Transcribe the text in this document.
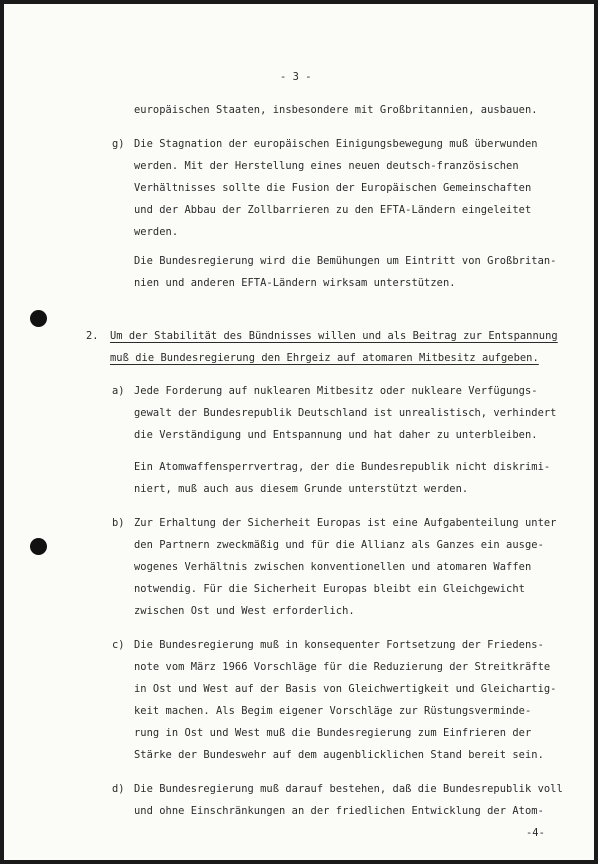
- 3 -
europäischen Staaten, insbesondere mit Großbritannien, ausbauen.
g) Die Stagnation der europäischen Einigungsbewegung muß überwunden
werden. Mit der Herstellung eines neuen deutsch-französischen
Verhältnisses sollte die Fusion der Europäischen Gemeinschaften
und der Abbau der Zollbarrieren zu den EFTA-Ländern eingeleitet
werden.
Die Bundesregierung wird die Bemühungen um Eintritt von Großbritan-
nien und anderen EFTA-Ländern wirksam unterstützen.
2. Um der Stabilität des Bündnisses willen und als Beitrag zur Entspannung
muß die Bundesregierung den Ehrgeiz auf atomaren Mitbesitz aufgeben.
a) Jede Forderung auf nuklearen Mitbesitz oder nukleare Verfügungs-
gewalt der Bundesrepublik Deutschland ist unrealistisch, verhindert
die Verständigung und Entspannung und hat daher zu unterbleiben.
Ein Atomwaffensperrvertrag, der die Bundesrepublik nicht diskrimi-
niert, muß auch aus diesem Grunde unterstützt werden.
b) Zur Erhaltung der Sicherheit Europas ist eine Aufgabenteilung unter
den Partnern zweckmäßig und für die Allianz als Ganzes ein ausge-
wogenes Verhältnis zwischen konventionellen und atomaren Waffen
notwendig. Für die Sicherheit Europas bleibt ein Gleichgewicht
zwischen Ost und West erforderlich.
c) Die Bundesregierung muß in konsequenter Fortsetzung der Friedens-
note vom März 1966 Vorschläge für die Reduzierung der Streitkräfte
in Ost und West auf der Basis von Gleichwertigkeit und Gleichartig-
keit machen. Als Begim eigener Vorschläge zur Rüstungsverminde-
rung in Ost und West muß die Bundesregierung zum Einfrieren der
Stärke der Bundeswehr auf dem augenblicklichen Stand bereit sein.
d) Die Bundesregierung muß darauf bestehen, daß die Bundesrepublik voll
und ohne Einschränkungen an der friedlichen Entwicklung der Atom-
-4-
